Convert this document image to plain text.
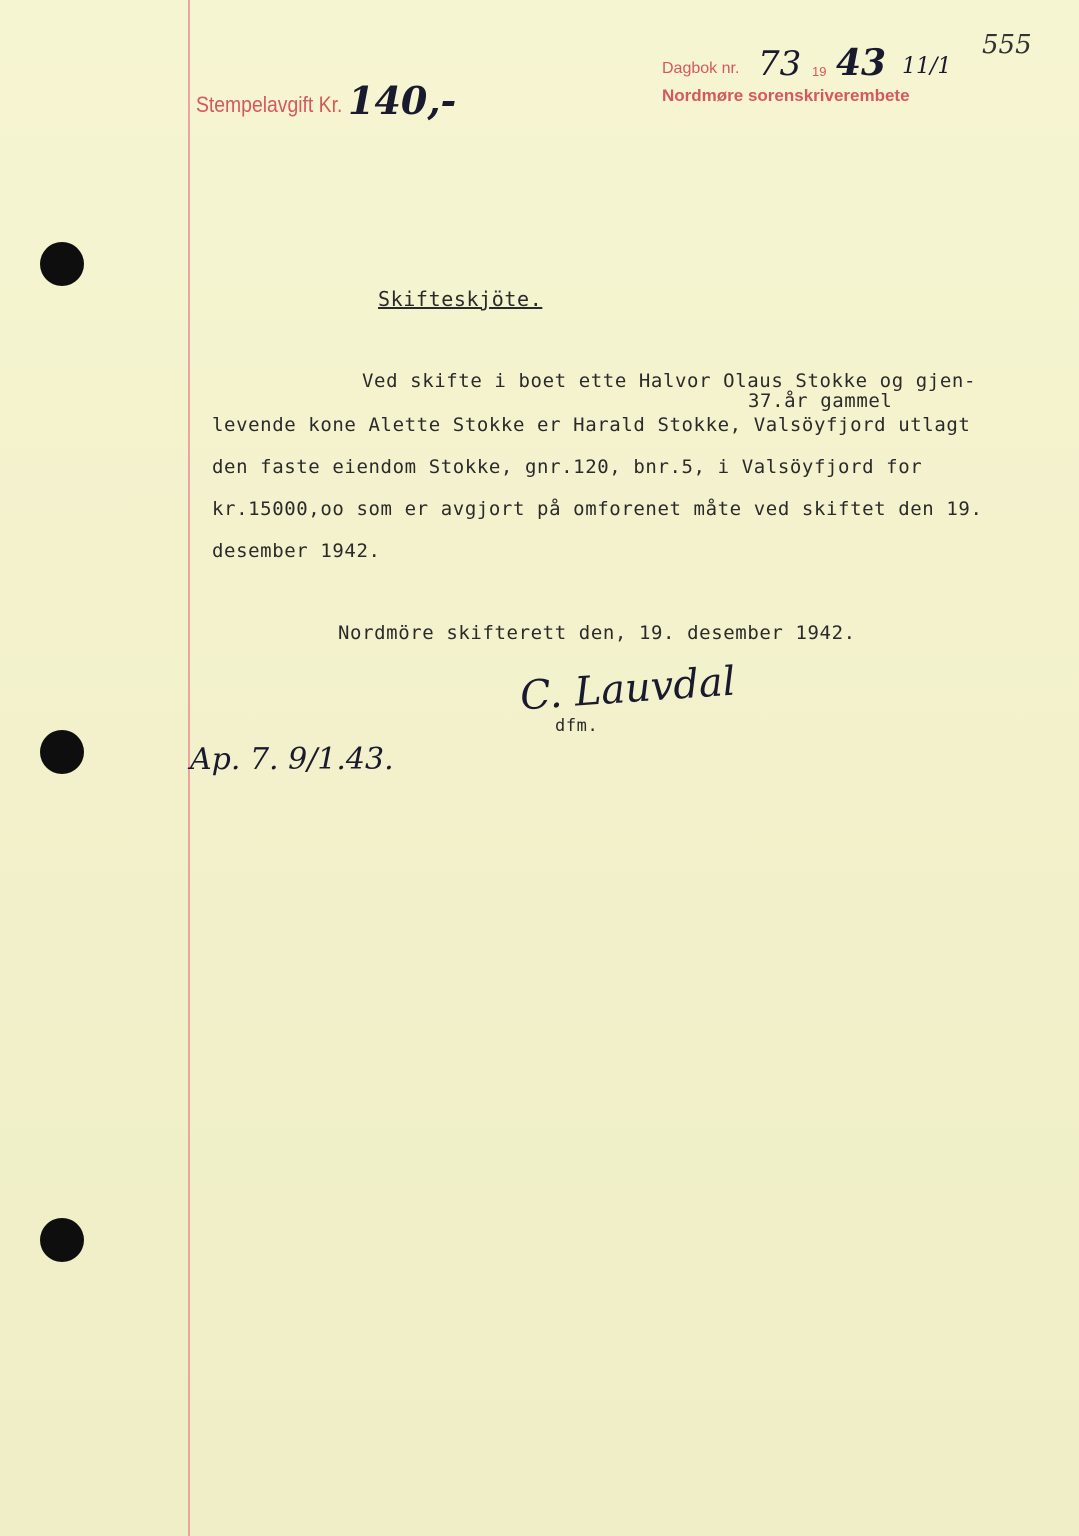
Stempelavgift Kr. 140,-
Dagbok nr. 73 19 43 11/1
Nordmøre sorenskriverembete
555
Skifteskjöte.
37.år gammel
Ved skifte i boet ette Halvor Olaus Stokke og gjen-
levende kone Alette Stokke er Harald Stokke, Valsöyfjord utlagt
den faste eiendom Stokke, gnr.120, bnr.5, i Valsöyfjord for
kr.15000,oo som er avgjort på omforenet måte ved skiftet den 19.
desember 1942.
Nordmöre skifterett den, 19. desember 1942.
C. Lauvdal
dfm.
Ap. 7. 9/1.43.
